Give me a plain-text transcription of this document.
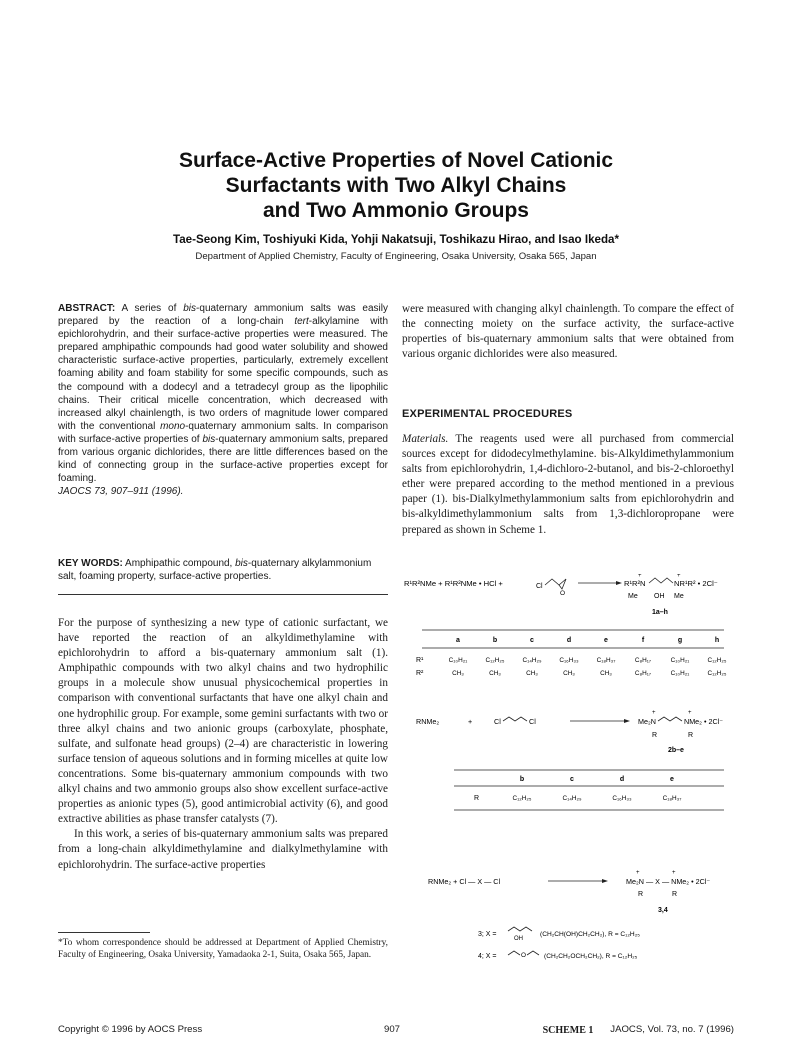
Surface-Active Properties of Novel Cationic
Surfactants with Two Alkyl Chains
and Two Ammonio Groups
Tae-Seong Kim, Toshiyuki Kida, Yohji Nakatsuji, Toshikazu Hirao, and Isao Ikeda*
Department of Applied Chemistry, Faculty of Engineering, Osaka University, Osaka 565, Japan
ABSTRACT: A series of bis-quaternary ammonium salts was easily prepared by the reaction of a long-chain tert-alkylamine with epichlorohydrin, and their surface-active properties were measured. The prepared amphipathic compounds had good water solubility and showed characteristic surface-active properties, particularly, extremely excellent foaming ability and foam stability for some specific compounds, such as the compound with a dodecyl and a tetradecyl group as the lipophilic chains. Their critical micelle concentration, which decreased with increased alkyl chainlength, is two orders of magnitude lower compared with the conventional mono-quaternary ammonium salts. In comparison with surface-active properties of bis-quaternary ammonium salts, prepared from various organic dichlorides, there are little differences based on the kind of connecting group in the surface-active properties except for foaming.
JAOCS 73, 907–911 (1996).
KEY WORDS: Amphipathic compound, bis-quaternary alkylammonium salt, foaming property, surface-active properties.

For the purpose of synthesizing a new type of cationic surfactant, we have reported the reaction of an alkyldimethylamine with epichlorohydrin to afford a bis-quaternary ammonium salt (1). Amphipathic compounds with two alkyl chains and two hydrophilic groups in a molecule show unusual physicochemical properties in comparison with conventional surfactants that have one alkyl chain and one hydrophilic group. For example, some gemini surfactants with two or three alkyl chains and two anionic groups (carboxylate, phosphate, sulfate, and sulfonate head groups) (2–4) are characteristic in lowering surface tension of aqueous solutions and in forming micelles at quite low concentrations. Some bis-quaternary ammonium compounds with two alkyl chains and two ammonio groups also show excellent surface-active properties as anionic types (5), good antimicrobial activity (6), and good extractive abilities as phase transfer catalysts (7).

In this work, a series of bis-quaternary ammonium salts was prepared from a long-chain alkyldimethylamine and dialkylmethylamine with epichlorohydrin. The surface-active properties

*To whom correspondence should be addressed at Department of Applied Chemistry, Faculty of Engineering, Osaka University, Yamadaoka 2-1, Suita, Osaka 565, Japan.

were measured with changing alkyl chainlength. To compare the effect of the connecting moiety on the surface activity, the surface-active properties of bis-quaternary ammonium salts that were obtained from various organic dichlorides were also measured.

EXPERIMENTAL PROCEDURES

Materials. The reagents used were all purchased from commercial sources except for didodecylmethylamine. bis-Alkyldimethylammonium salts from epichlorohydrin, 1,4-dichloro-2-butanol, and bis-2-chloroethyl ether were prepared according to the method mentioned in a previous paper (1). bis-Dialkylmethylammonium salts from epichlorohydrin and bis-alkyldimethylammonium salts from 1,3-dichloropropane were prepared as shown in Scheme 1.

R¹R²NMe + R¹R²NMe • HCl +	Cl
O
R¹R²N	NR¹R² • 2Cl⁻
+	+
Me OH Me
1a–h
a	b	c	d	e	f	g	h
R¹	C₁₀H₂₁	C₁₂H₂₅	C₁₄H₂₉	C₁₆H₃₃	C₁₈H₃₇	C₈H₁₇	C₁₀H₂₁	C₁₂H₂₅
R²	CH₃	CH₃	CH₃	CH₃	CH₃	C₈H₁₇	C₁₀H₂₁	C₁₂H₂₅
RNMe₂	+	Cl	Cl	Me₂N	NMe₂ • 2Cl⁻
+	+
R	R
2b–e
b	c	d	e
R	C₁₂H₂₅	C₁₄H₂₉	C₁₆H₃₃	C₁₈H₃₇
RNMe₂ + Cl — X — Cl	Me₂N — X — NMe₂ • 2Cl⁻
+	+
R	R
3,4
3; X =
OH
(CH₂CH(OH)CH₂CH₂), R = C₁₂H₂₅
4; X =	O	(CH₂CH₂OCH₂CH₂), R = C₁₂H₂₅
SCHEME 1
Copyright © 1996 by AOCS Press	907	JAOCS, Vol. 73, no. 7 (1996)
